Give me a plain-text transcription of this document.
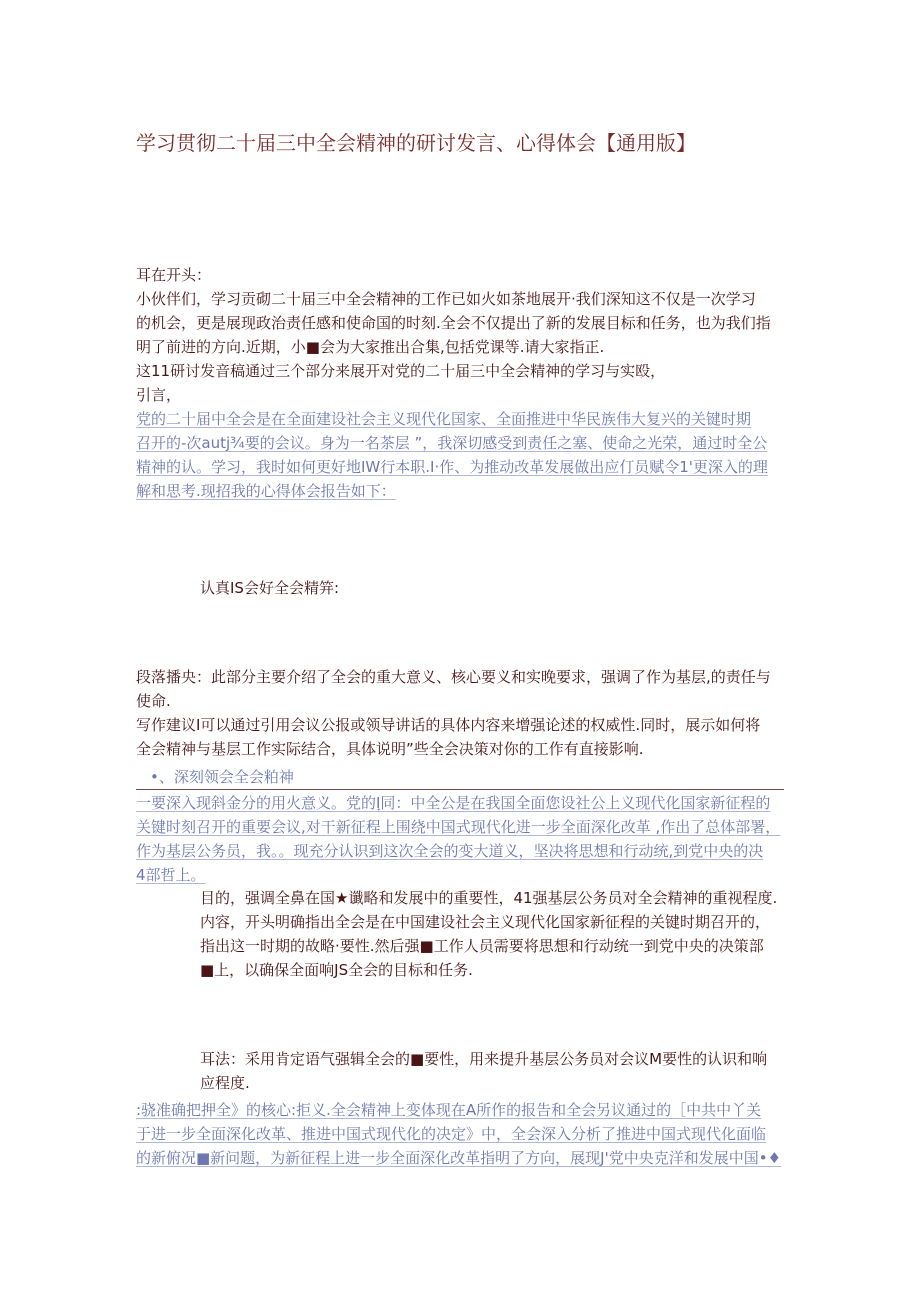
学习贯彻二十届三中全会精神的研讨发言、心得体会【通用版】
耳在开头：
小伙伴们，学习贡砌二十届三中全会精神的工作已如火如茶地展开·我们深知这不仅是一次学习
的机会，更是展现政治责任感和使命国的时刻.全会不仅提出了新的发展目标和任务，也为我们指
明了前进的方向.近期，小■会为大家推出合集,包括党课等.请大家指正.
这11研讨发音稿通过三个部分来展开对党的二十届三中全会精神的学习与实殴，
引言，
党的二十届中全会是在全面建设社会主义现代化国家、全面推进中华民族伟大复兴的关键时期
召开的-次autj¾要的会议。身为一名茶层 ”，我深切感受到责任之塞、使命之光荣，通过时全公
精神的认。学习，我时如何更好地IW行本职.I·作、为推动改革发展做出应仃员赋令1'更深入的理
解和思考.现招我的心得体会报告如下：
认真IS会好全会精笄:
段落播央：此部分主要介绍了全会的重大意义、核心要义和实晚要求，强调了作为基层,的责任与
使命.
写作建议I可以通过引用会议公报或领导讲话的具体内容来增强论述的权威性.同时，展示如何将
全会精神与基层工作实际结合，具体说明”些全会决策对你的工作有直接影响.
•、深刻领会全会粕神
一要深入现斜金分的用火意义。党的Iฺ同：中全公是在我国全面您设社公上义现代化国家新征程的
关键时刻召开的重要会议,对干新征程上围绕中国式现代化进一步全面深化改革 ,作出了总体部署，
作为基层公务员，我。。现充分认识到这次全会的变大道义，坚决将思想和行动统,到党中央的决
4部哲上。
目的，强调全鼻在国★谶略和发展中的重要性，41强基层公务员对全会精神的重视程度.
内容，开头明确指出全会是在中国建设社会主义现代化国家新征程的关键时期召开的，
指出这一时期的故略·要性.然后强■工作人员需要将思想和行动统一到党中央的决策部
■上，以确保全面响JS全会的目标和任务.
耳法：采用肯定语气强辑全会的■要性，用来提升基层公务员对会议M要性的认识和响
应程度.
:骁准确把押全》的核心:拒义.全会精神上变体现在A所作的报告和全会另议通过的［中共中丫关
于进一步全面深化改革、推进中国式现代化的决定》中，全会深入分析了推进中国式现代化面临
的新俯况■新问题，为新征程上进一步全面深化改革指明了方向，展现J'党中央克洋和发展中国•♦
